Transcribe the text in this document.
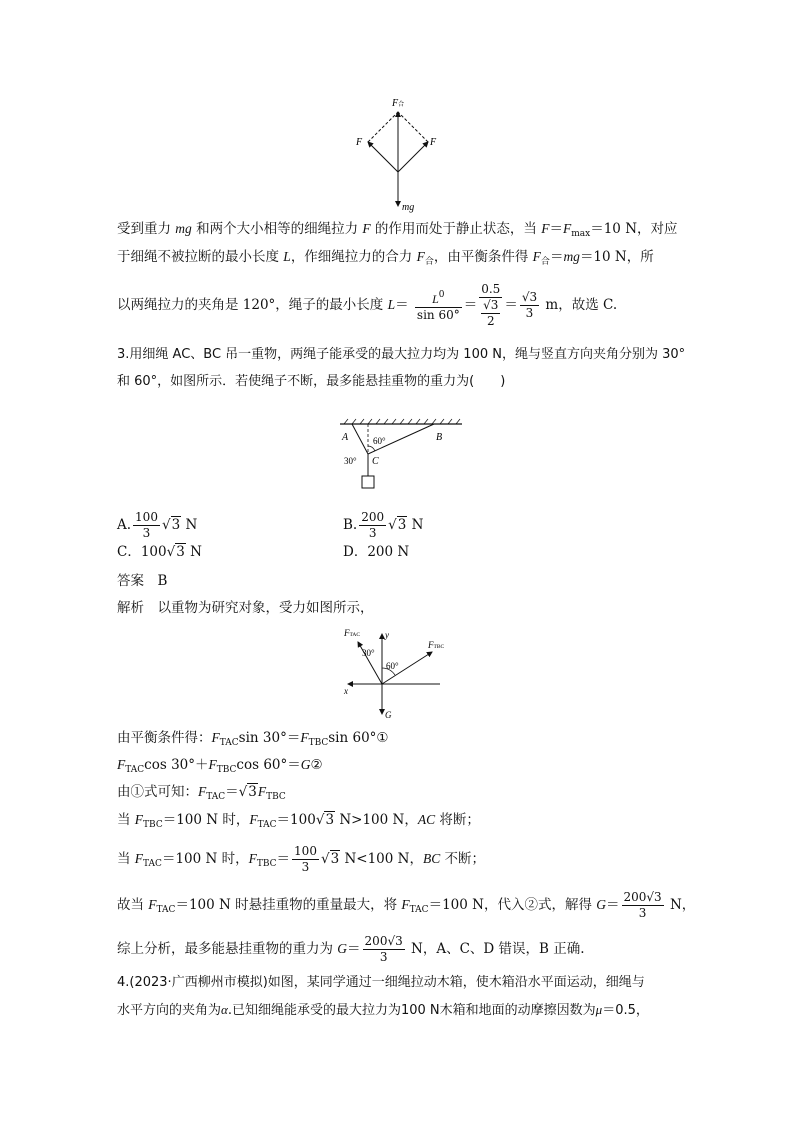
F合
F	F
mg
受到重力 mg 和两个大小相等的细绳拉力 F 的作用而处于静止状态，当 $F=F_{max}=10$ N，对应
于细绳不被拉断的最小长度 L，作细绳拉力的合力 $F_合$，由平衡条件得 $F_合=mg=10$ N，所
以两绳拉力的夹角是 120°，绳子的最小长度 $L= \frac{L^0}{\sin 60^\circ} = 0.5$
√3
$2 = \frac{√3}{3}$ m，故选 C.
3.用细绳 AC、BC 吊一重物，两绳子能承受的最大拉力均为 100 N，绳与竖直方向夹角分别为 30°
和 60°，如图所示．若使绳子不断，最多能悬挂重物的重力为(　　)
A	B
C
60°
30°
A. $\frac{100}{3} √3$ N	B. $\frac{200}{3} √3$ N
C．100√3 N	D．200 N
答案　 B
解析　 以重物为研究对象，受力如图所示，
FTAC
FTBC
y
x
G
30°
60°
由平衡条件得：$F_{TAC}\sin$ $30^\circ=F_{TBC}\sin$ 60°①
$F_{TAC}\cos$ $30^\circ+F_{TBC}\cos$ 60°＝G②
由①式可知：$F_{TAC}=√3F_{TBC}$
当 $F_{TBC}=100$ N 时，$F_{TAC}=100√3$ N>100 N，AC 将断；
当 $F_{TAC}=100$ N 时，$F_{TBC}= \frac{100}{3} √3$ N<100 N，BC 不断；
故当 $F_{TAC}=100$ N 时悬挂重物的重量最大，将 $F_{TAC}=100$ N，代入②式，解得 $G= \frac{200√3}{3}$ N，
综上分析，最多能悬挂重物的重力为 $G= \frac{200√3}{3}$ N，A、C、D 错误，B 正确.
4.(2023·广西柳州市模拟)如图，某同学通过一细绳拉动木箱，使木箱沿水平面运动，细绳与
水平方向的夹角为α.已知细绳能承受的最大拉力为100 N木箱和地面的动摩擦因数为μ＝0.5，
